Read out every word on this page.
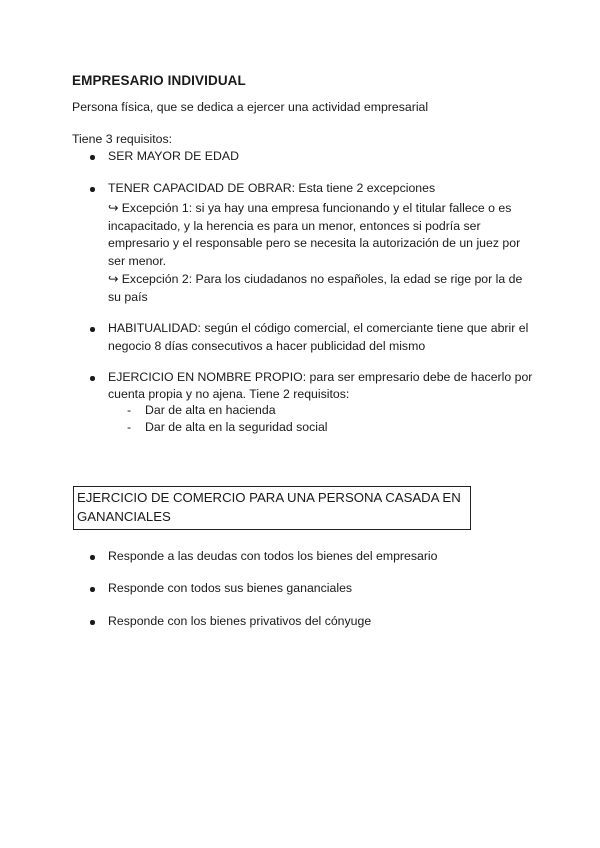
EMPRESARIO INDIVIDUAL
Persona física, que se dedica a ejercer una actividad empresarial
Tiene 3 requisitos:
SER MAYOR DE EDAD
TENER CAPACIDAD DE OBRAR: Esta tiene 2 excepciones
↪ Excepción 1: si ya hay una empresa funcionando y el titular fallece o es
incapacitado, y la herencia es para un menor, entonces si podría ser
empresario y el responsable pero se necesita la autorización de un juez por
ser menor.
↪ Excepción 2: Para los ciudadanos no españoles, la edad se rige por la de
su país
HABITUALIDAD: según el código comercial, el comerciante tiene que abrir el
negocio 8 días consecutivos a hacer publicidad del mismo
EJERCICIO EN NOMBRE PROPIO: para ser empresario debe de hacerlo por
cuenta propia y no ajena. Tiene 2 requisitos:
- Dar de alta en hacienda
- Dar de alta en la seguridad social
EJERCICIO DE COMERCIO PARA UNA PERSONA CASADA EN
GANANCIALES
Responde a las deudas con todos los bienes del empresario
Responde con todos sus bienes gananciales
Responde con los bienes privativos del cónyuge
